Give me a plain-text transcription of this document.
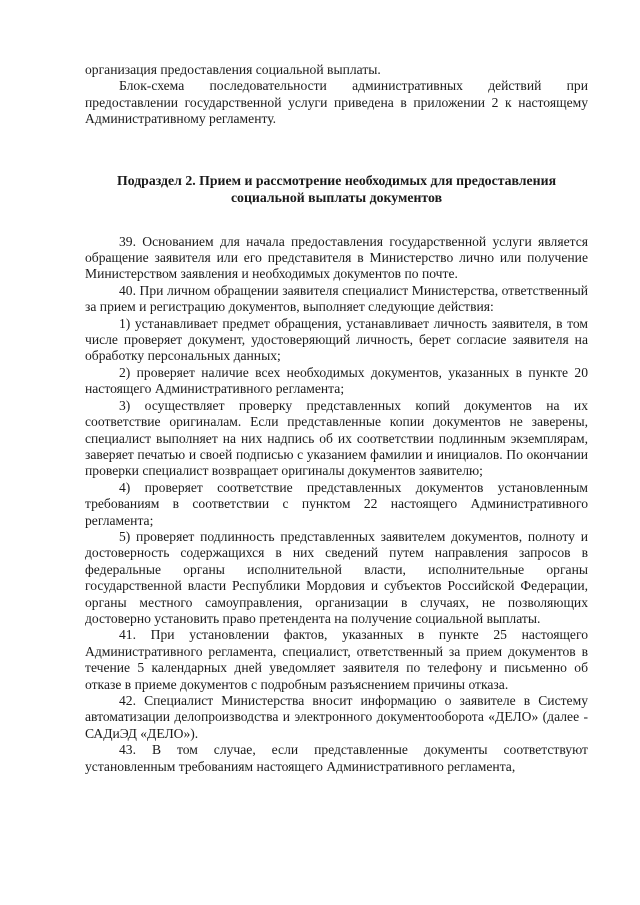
организация предоставления социальной выплаты.

Блок-схема последовательности административных действий при предоставлении государственной услуги приведена в приложении 2 к настоящему Административному регламенту.

Подраздел 2. Прием и рассмотрение необходимых для предоставления социальной выплаты документов

39. Основанием для начала предоставления государственной услуги является обращение заявителя или его представителя в Министерство лично или получение Министерством заявления и необходимых документов по почте.

40. При личном обращении заявителя специалист Министерства, ответственный за прием и регистрацию документов, выполняет следующие действия:

1) устанавливает предмет обращения, устанавливает личность заявителя, в том числе проверяет документ, удостоверяющий личность, берет согласие заявителя на обработку персональных данных;

2) проверяет наличие всех необходимых документов, указанных в пункте 20 настоящего Административного регламента;

3) осуществляет проверку представленных копий документов на их соответствие оригиналам. Если представленные копии документов не заверены, специалист выполняет на них надпись об их соответствии подлинным экземплярам, заверяет печатью и своей подписью с указанием фамилии и инициалов. По окончании проверки специалист возвращает оригиналы документов заявителю;

4) проверяет соответствие представленных документов установленным требованиям в соответствии с пунктом 22 настоящего Административного регламента;

5) проверяет подлинность представленных заявителем документов, полноту и достоверность содержащихся в них сведений путем направления запросов в федеральные органы исполнительной власти, исполнительные органы государственной власти Республики Мордовия и субъектов Российской Федерации, органы местного самоуправления, организации в случаях, не позволяющих достоверно установить право претендента на получение социальной выплаты.

41. При установлении фактов, указанных в пункте 25 настоящего Административного регламента, специалист, ответственный за прием документов в течение 5 календарных дней уведомляет заявителя по телефону и письменно об отказе в приеме документов с подробным разъяснением причины отказа.

42. Специалист Министерства вносит информацию о заявителе в Систему автоматизации делопроизводства и электронного документооборота «ДЕЛО» (далее - САДиЭД «ДЕЛО»).

43. В том случае, если представленные документы соответствуют установленным требованиям настоящего Административного регламента,
